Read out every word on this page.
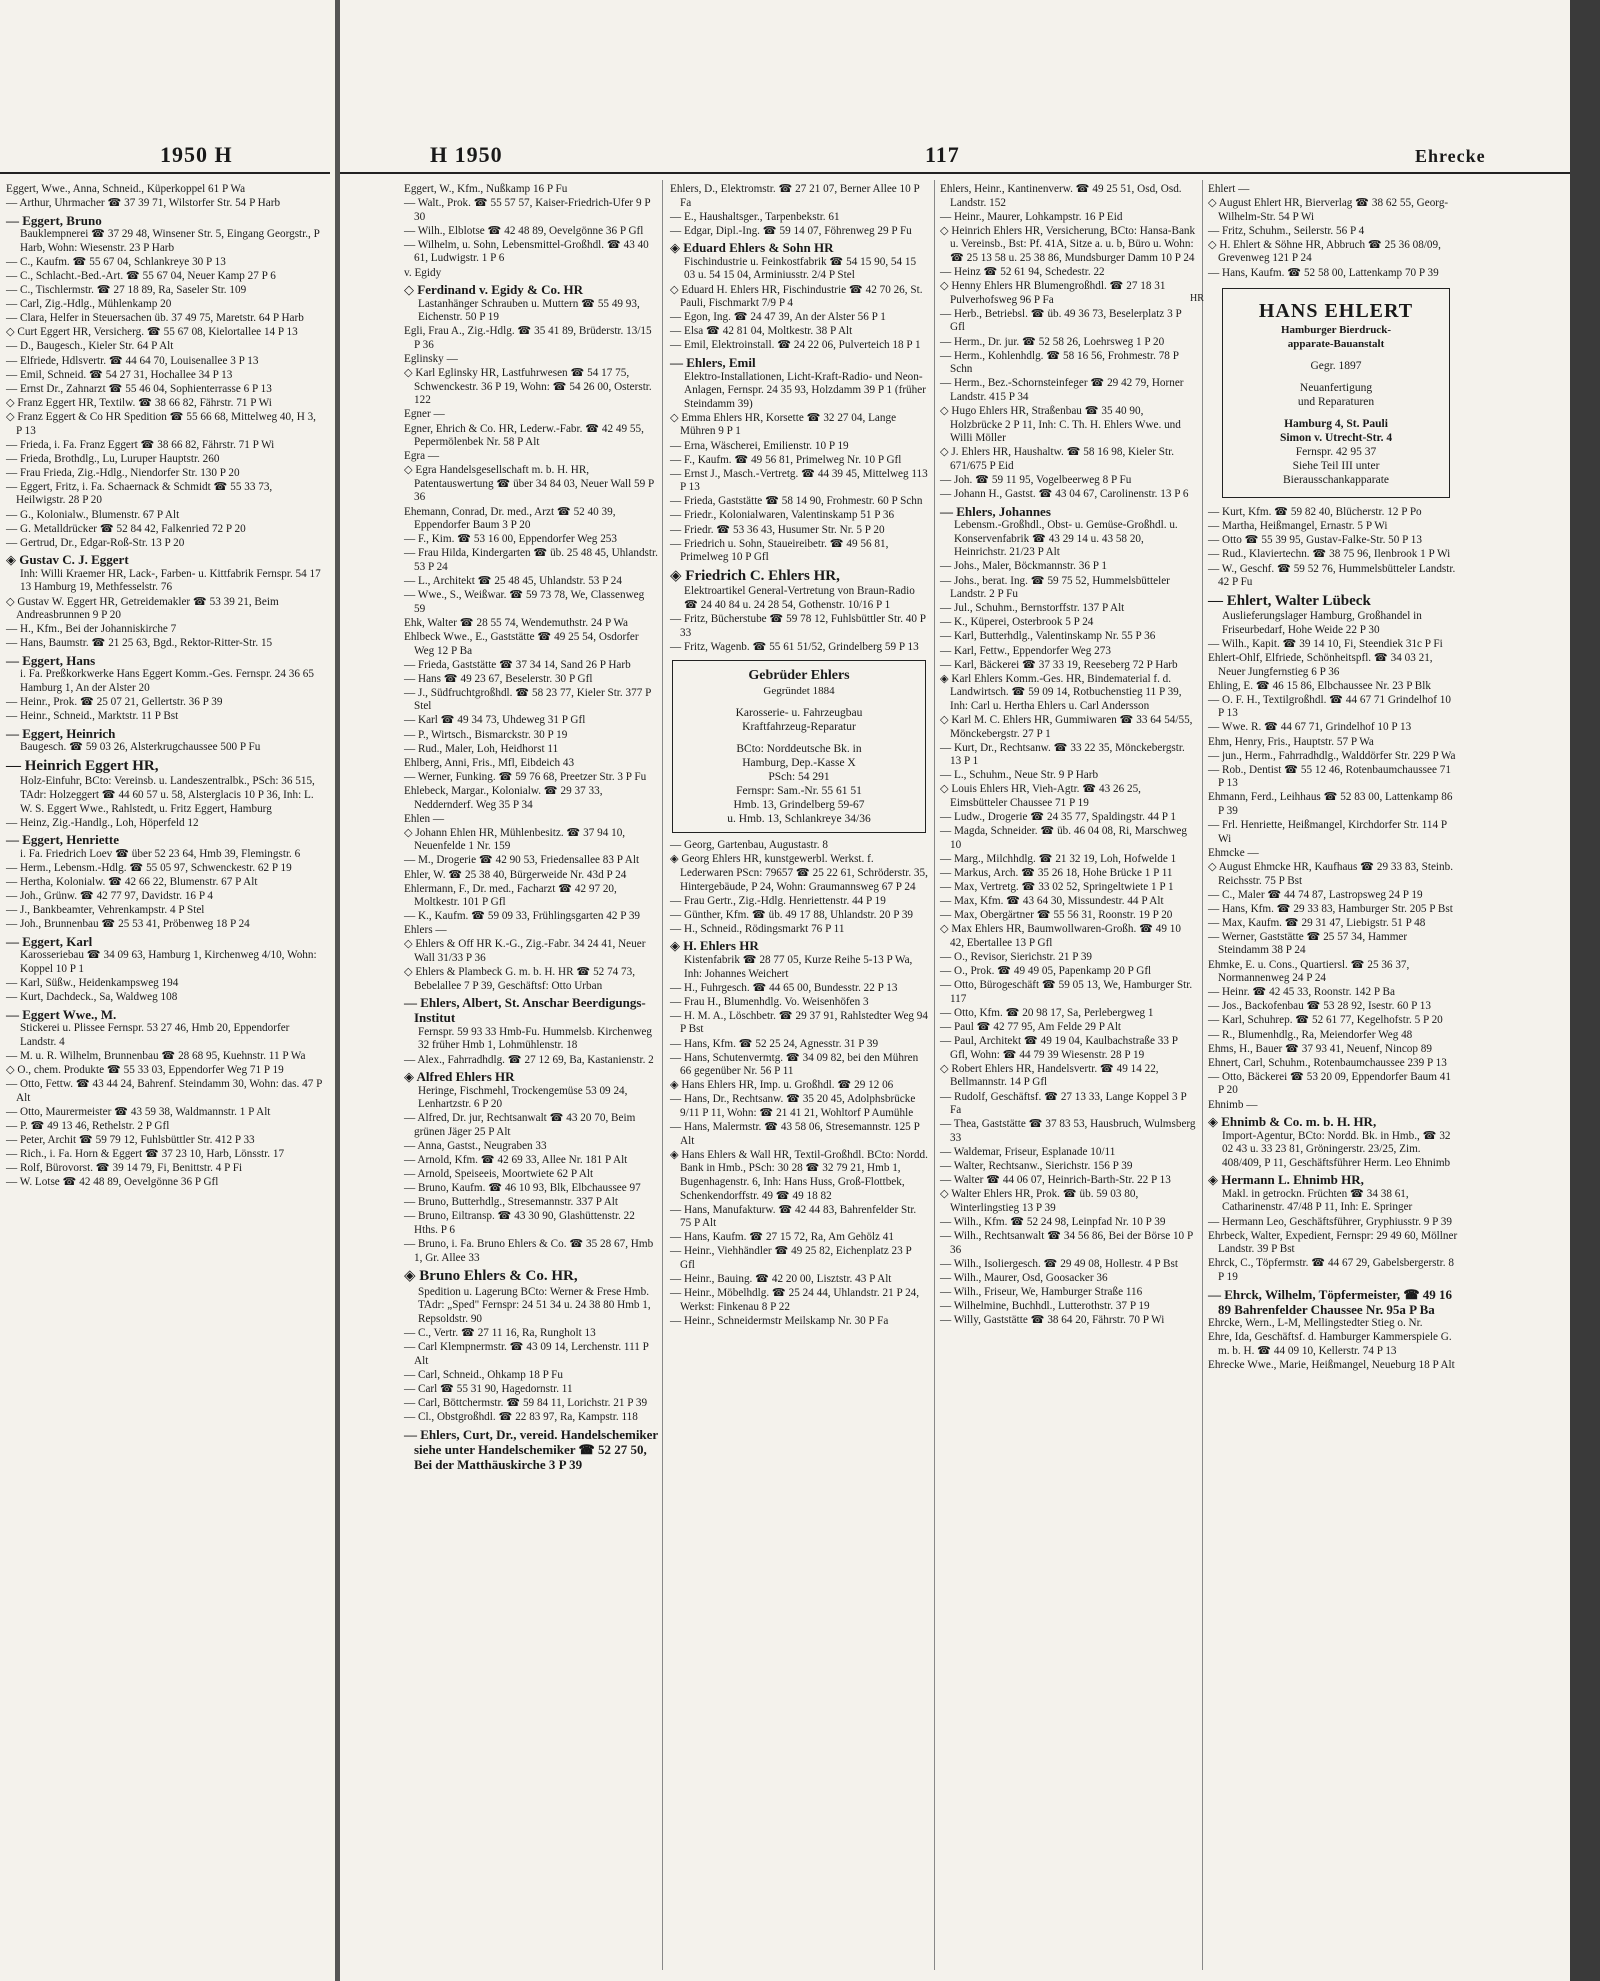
1950 H
Eggert, Wwe., Anna, Schneid., Küperkoppel 61 P Wa
— Arthur, Uhrmacher ☎ 37 39 71, Wilstorfer Str. 54 P Harb
— Eggert, Bruno
Bauklempnerei ☎ 37 29 48, Winsener Str. 5, Eingang Georgstr., P Harb, Wohn: Wiesenstr. 23 P Harb
— C., Kaufm. ☎ 55 67 04, Schlankreye 30 P 13
— C., Schlacht.-Bed.-Art. ☎ 55 67 04, Neuer Kamp 27 P 6
— C., Tischlermstr. ☎ 27 18 89, Ra, Saseler Str. 109
— Carl, Zig.-Hdlg., Mühlenkamp 20
— Clara, Helfer in Steuersachen üb. 37 49 75, Maretstr. 64 P Harb
◇ Curt Eggert HR, Versicherg. ☎ 55 67 08, Kielortallee 14 P 13
— D., Baugesch., Kieler Str. 64 P Alt
— Elfriede, Hdlsvertr. ☎ 44 64 70, Louisenallee 3 P 13
— Emil, Schneid. ☎ 54 27 31, Hochallee 34 P 13
— Ernst Dr., Zahnarzt ☎ 55 46 04, Sophienterrasse 6 P 13
◇ Franz Eggert HR, Textilw. ☎ 38 66 82, Fährstr. 71 P Wi
◇ Franz Eggert & Co HR Spedition ☎ 55 66 68, Mittelweg 40, H 3, P 13
— Frieda, i. Fa. Franz Eggert ☎ 38 66 82, Fährstr. 71 P Wi
— Frieda, Brothdlg., Lu, Luruper Hauptstr. 260
— Frau Frieda, Zig.-Hdlg., Niendorfer Str. 130 P 20
— Eggert, Fritz, i. Fa. Schaernack & Schmidt ☎ 55 33 73, Heilwigstr. 28 P 20
— G., Kolonialw., Blumenstr. 67 P Alt
— G. Metalldrücker ☎ 52 84 42, Falkenried 72 P 20
— Gertrud, Dr., Edgar-Roß-Str. 13 P 20
◈ Gustav C. J. Eggert
Inh: Willi Kraemer HR, Lack-, Farben- u. Kittfabrik Fernspr. 54 17 13 Hamburg 19, Methfesselstr. 76
◇ Gustav W. Eggert HR, Getreidemakler ☎ 53 39 21, Beim Andreasbrunnen 9 P 20
— H., Kfm., Bei der Johanniskirche 7
— Hans, Baumstr. ☎ 21 25 63, Bgd., Rektor-Ritter-Str. 15
— Eggert, Hans
i. Fa. Preßkorkwerke Hans Eggert Komm.-Ges. Fernspr. 24 36 65 Hamburg 1, An der Alster 20
— Heinr., Prok. ☎ 25 07 21, Gellertstr. 36 P 39
— Heinr., Schneid., Marktstr. 11 P Bst
— Eggert, Heinrich
Baugesch. ☎ 59 03 26, Alsterkrugchaussee 500 P Fu
— Heinrich Eggert HR,
Holz-Einfuhr, BCto: Vereinsb. u. Landeszentralbk., PSch: 36 515, TAdr: Holzeggert ☎ 44 60 57 u. 58, Alsterglacis 10 P 36, Inh: L. W. S. Eggert Wwe., Rahlstedt, u. Fritz Eggert, Hamburg
— Heinz, Zig.-Handlg., Loh, Höperfeld 12
— Eggert, Henriette
i. Fa. Friedrich Loev ☎ über 52 23 64, Hmb 39, Flemingstr. 6
— Herm., Lebensm.-Hdlg. ☎ 55 05 97, Schwenckestr. 62 P 19
— Hertha, Kolonialw. ☎ 42 66 22, Blumenstr. 67 P Alt
— Joh., Grünw. ☎ 42 77 97, Davidstr. 16 P 4
— J., Bankbeamter, Vehrenkampstr. 4 P Stel
— Joh., Brunnenbau ☎ 25 53 41, Pröbenweg 18 P 24
— Eggert, Karl
Karosseriebau ☎ 34 09 63, Hamburg 1, Kirchenweg 4/10, Wohn: Koppel 10 P 1
— Karl, Süßw., Heidenkampsweg 194
— Kurt, Dachdeck., Sa, Waldweg 108
— Eggert Wwe., M.
Stickerei u. Plissee Fernspr. 53 27 46, Hmb 20, Eppendorfer Landstr. 4
— M. u. R. Wilhelm, Brunnenbau ☎ 28 68 95, Kuehnstr. 11 P Wa
◇ O., chem. Produkte ☎ 55 33 03, Eppendorfer Weg 71 P 19
— Otto, Fettw. ☎ 43 44 24, Bahrenf. Steindamm 30, Wohn: das. 47 P Alt
— Otto, Maurermeister ☎ 43 59 38, Waldmannstr. 1 P Alt
— P. ☎ 49 13 46, Rethelstr. 2 P Gfl
— Peter, Archit ☎ 59 79 12, Fuhlsbüttler Str. 412 P 33
— Rich., i. Fa. Horn & Eggert ☎ 37 23 10, Harb, Lönsstr. 17
— Rolf, Bürovorst. ☎ 39 14 79, Fi, Benittstr. 4 P Fi
— W. Lotse ☎ 42 48 89, Oevelgönne 36 P Gfl
H 1950	117	Ehrecke
Eggert, W., Kfm., Nußkamp 16 P Fu
— Walt., Prok. ☎ 55 57 57, Kaiser-Friedrich-Ufer 9 P 30
— Wilh., Elblotse ☎ 42 48 89, Oevelgönne 36 P Gfl
— Wilhelm, u. Sohn, Lebensmittel-Großhdl. ☎ 43 40 61, Ludwigstr. 1 P 6
v. Egidy
◇ Ferdinand v. Egidy & Co. HR
Lastanhänger Schrauben u. Muttern ☎ 55 49 93, Eichenstr. 50 P 19
Egli, Frau A., Zig.-Hdlg. ☎ 35 41 89, Brüderstr. 13/15 P 36
Eglinsky —
◇ Karl Eglinsky HR, Lastfuhrwesen ☎ 54 17 75, Schwenckestr. 36 P 19, Wohn: ☎ 54 26 00, Osterstr. 122
Egner —
Egner, Ehrich & Co. HR, Lederw.-Fabr. ☎ 42 49 55, Pepermölenbek Nr. 58 P Alt
Egra —
◇ Egra Handelsgesellschaft m. b. H. HR, Patentauswertung ☎ über 34 84 03, Neuer Wall 59 P 36
Ehemann, Conrad, Dr. med., Arzt ☎ 52 40 39, Eppendorfer Baum 3 P 20
— F., Kim. ☎ 53 16 00, Eppendorfer Weg 253
— Frau Hilda, Kindergarten ☎ üb. 25 48 45, Uhlandstr. 53 P 24
— L., Architekt ☎ 25 48 45, Uhlandstr. 53 P 24
— Wwe., S., Weißwar. ☎ 59 73 78, We, Classenweg 59
Ehk, Walter ☎ 28 55 74, Wendemuthstr. 24 P Wa
Ehlbeck Wwe., E., Gaststätte ☎ 49 25 54, Osdorfer Weg 12 P Ba
— Frieda, Gaststätte ☎ 37 34 14, Sand 26 P Harb
— Hans ☎ 49 23 67, Beselerstr. 30 P Gfl
— J., Südfruchtgroßhdl. ☎ 58 23 77, Kieler Str. 377 P Stel
— Karl ☎ 49 34 73, Uhdeweg 31 P Gfl
— P., Wirtsch., Bismarckstr. 30 P 19
— Rud., Maler, Loh, Heidhorst 11
Ehlberg, Anni, Fris., Mfl, Eibdeich 43
— Werner, Funking. ☎ 59 76 68, Preetzer Str. 3 P Fu
Ehlebeck, Margar., Kolonialw. ☎ 29 37 33, Neddernderf. Weg 35 P 34
Ehlen —
◇ Johann Ehlen HR, Mühlenbesitz. ☎ 37 94 10, Neuenfelde 1 Nr. 159
— M., Drogerie ☎ 42 90 53, Friedensallee 83 P Alt
Ehler, W. ☎ 25 38 40, Bürgerweide Nr. 43d P 24
Ehlermann, F., Dr. med., Facharzt ☎ 42 97 20, Moltkestr. 101 P Gfl
— K., Kaufm. ☎ 59 09 33, Frühlingsgarten 42 P 39
Ehlers —
◇ Ehlers & Off HR K.-G., Zig.-Fabr. 34 24 41, Neuer Wall 31/33 P 36
◇ Ehlers & Plambeck G. m. b. H. HR ☎ 52 74 73, Bebelallee 7 P 39, Geschäftsf: Otto Urban
— Ehlers, Albert, St. Anschar Beerdigungs-Institut
Fernspr. 59 93 33 Hmb-Fu. Hummelsb. Kirchenweg 32 früher Hmb 1, Lohmühlenstr. 18
— Alex., Fahrradhdlg. ☎ 27 12 69, Ba, Kastanienstr. 2
◈ Alfred Ehlers HR
Heringe, Fischmehl, Trockengemüse 53 09 24, Lenhartzstr. 6 P 20
— Alfred, Dr. jur, Rechtsanwalt ☎ 43 20 70, Beim grünen Jäger 25 P Alt
— Anna, Gastst., Neugraben 33
— Arnold, Kfm. ☎ 42 69 33, Allee Nr. 181 P Alt
— Arnold, Speiseeis, Moortwiete 62 P Alt
— Bruno, Kaufm. ☎ 46 10 93, Blk, Elbchaussee 97
— Bruno, Butterhdlg., Stresemannstr. 337 P Alt
— Bruno, Eiltransp. ☎ 43 30 90, Glashüttenstr. 22 Hths. P 6
— Bruno, i. Fa. Bruno Ehlers & Co. ☎ 35 28 67, Hmb 1, Gr. Allee 33
◈ Bruno Ehlers & Co. HR,
Spedition u. Lagerung BCto: Werner & Frese Hmb. TAdr: „Sped" Fernspr: 24 51 34 u. 24 38 80 Hmb 1, Repsoldstr. 90
— C., Vertr. ☎ 27 11 16, Ra, Rungholt 13
— Carl Klempnermstr. ☎ 43 09 14, Lerchenstr. 111 P Alt
— Carl, Schneid., Ohkamp 18 P Fu
— Carl ☎ 55 31 90, Hagedornstr. 11
— Carl, Böttchermstr. ☎ 59 84 11, Lorichstr. 21 P 39
— Cl., Obstgroßhdl. ☎ 22 83 97, Ra, Kampstr. 118
— Ehlers, Curt, Dr., vereid. Handelschemiker siehe unter Handelschemiker ☎ 52 27 50, Bei der Matthäuskirche 3 P 39
Ehlers, D., Elektromstr. ☎ 27 21 07, Berner Allee 10 P Fa
— E., Haushaltsger., Tarpenbekstr. 61
— Edgar, Dipl.-Ing. ☎ 59 14 07, Föhrenweg 29 P Fu
◈ Eduard Ehlers & Sohn HR
Fischindustrie u. Feinkostfabrik ☎ 54 15 90, 54 15 03 u. 54 15 04, Arminiusstr. 2/4 P Stel
◇ Eduard H. Ehlers HR, Fischindustrie ☎ 42 70 26, St. Pauli, Fischmarkt 7/9 P 4
— Egon, Ing. ☎ 24 47 39, An der Alster 56 P 1
— Elsa ☎ 42 81 04, Moltkestr. 38 P Alt
— Emil, Elektroinstall. ☎ 24 22 06, Pulverteich 18 P 1
— Ehlers, Emil
Elektro-Installationen, Licht-Kraft-Radio- und Neon-Anlagen, Fernspr. 24 35 93, Holzdamm 39 P 1 (früher Steindamm 39)
◇ Emma Ehlers HR, Korsette ☎ 32 27 04, Lange Mühren 9 P 1
— Erna, Wäscherei, Emilienstr. 10 P 19
— F., Kaufm. ☎ 49 56 81, Primelweg Nr. 10 P Gfl
— Ernst J., Masch.-Vertretg. ☎ 44 39 45, Mittelweg 113 P 13
— Frieda, Gaststätte ☎ 58 14 90, Frohmestr. 60 P Schn
— Friedr., Kolonialwaren, Valentinskamp 51 P 36
— Friedr. ☎ 53 36 43, Husumer Str. Nr. 5 P 20
— Friedrich u. Sohn, Staueireibetr. ☎ 49 56 81, Primelweg 10 P Gfl
◈ Friedrich C. Ehlers HR,
Elektroartikel General-Vertretung von Braun-Radio ☎ 24 40 84 u. 24 28 54, Gothenstr. 10/16 P 1
— Fritz, Bücherstube ☎ 59 78 12, Fuhlsbüttler Str. 40 P 33
— Fritz, Wagenb. ☎ 55 61 51/52, Grindelberg 59 P 13
Gebrüder Ehlers
Gegründet 1884
Karosserie- u. Fahrzeugbau
Kraftfahrzeug-Reparatur
BCto: Norddeutsche Bk. in
Hamburg, Dep.-Kasse X
PSch: 54 291
Fernspr: Sam.-Nr. 55 61 51
Hmb. 13, Grindelberg 59-67
u. Hmb. 13, Schlankreye 34/36
— Georg, Gartenbau, Augustastr. 8
◈ Georg Ehlers HR, kunstgewerbl. Werkst. f. Lederwaren PScn: 79657 ☎ 25 22 61, Schröderstr. 35, Hintergebäude, P 24, Wohn: Graumannsweg 67 P 24
— Frau Gertr., Zig.-Hdlg. Henriettenstr. 44 P 19
— Günther, Kfm. ☎ üb. 49 17 88, Uhlandstr. 20 P 39
— H., Schneid., Rödingsmarkt 76 P 11
◈ H. Ehlers HR
Kistenfabrik ☎ 28 77 05, Kurze Reihe 5-13 P Wa, Inh: Johannes Weichert
— H., Fuhrgesch. ☎ 44 65 00, Bundesstr. 22 P 13
— Frau H., Blumenhdlg. Vo. Weisenhöfen 3
— H. M. A., Löschbetr. ☎ 29 37 91, Rahlstedter Weg 94 P Bst
— Hans, Kfm. ☎ 52 25 24, Agnesstr. 31 P 39
— Hans, Schutenvermtg. ☎ 34 09 82, bei den Mühren 66 gegenüber Nr. 56 P 11
◈ Hans Ehlers HR, Imp. u. Großhdl. ☎ 29 12 06
— Hans, Dr., Rechtsanw. ☎ 35 20 45, Adolphsbrücke 9/11 P 11, Wohn: ☎ 21 41 21, Wohltorf P Aumühle
— Hans, Malermstr. ☎ 43 58 06, Stresemannstr. 125 P Alt
◈ Hans Ehlers & Wall HR, Textil-Großhdl. BCto: Nordd. Bank in Hmb., PSch: 30 28 ☎ 32 79 21, Hmb 1, Bugenhagenstr. 6, Inh: Hans Huss, Groß-Flottbek, Schenkendorffstr. 49 ☎ 49 18 82
— Hans, Manufakturw. ☎ 42 44 83, Bahrenfelder Str. 75 P Alt
— Hans, Kaufm. ☎ 27 15 72, Ra, Am Gehölz 41
— Heinr., Viehhändler ☎ 49 25 82, Eichenplatz 23 P Gfl
— Heinr., Bauing. ☎ 42 20 00, Lisztstr. 43 P Alt
— Heinr., Möbelhdlg. ☎ 25 24 44, Uhlandstr. 21 P 24, Werkst: Finkenau 8 P 22
— Heinr., Schneidermstr Meilskamp Nr. 30 P Fa
Ehlers, Heinr., Kantinenverw. ☎ 49 25 51, Osd, Osd. Landstr. 152
— Heinr., Maurer, Lohkampstr. 16 P Eid
◇ Heinrich Ehlers HR, Versicherung, BCto: Hansa-Bank u. Vereinsb., Bst: Pf. 41A, Sitze a. u. b, Büro u. Wohn: ☎ 25 13 58 u. 25 38 86, Mundsburger Damm 10 P 24
— Heinz ☎ 52 61 94, Schedestr. 22
◇ Henny Ehlers HR Blumengroßhdl. ☎ 27 18 31 Pulverhofsweg 96 P Fa
— Herb., Betriebsl. ☎ üb. 49 36 73, Beselerplatz 3 P Gfl
— Herm., Dr. jur. ☎ 52 58 26, Loehrsweg 1 P 20
— Herm., Kohlenhdlg. ☎ 58 16 56, Frohmestr. 78 P Schn
— Herm., Bez.-Schornsteinfeger ☎ 29 42 79, Horner Landstr. 415 P 34
◇ Hugo Ehlers HR, Straßenbau ☎ 35 40 90, Holzbrücke 2 P 11, Inh: C. Th. H. Ehlers Wwe. und Willi Möller
◇ J. Ehlers HR, Haushaltw. ☎ 58 16 98, Kieler Str. 671/675 P Eid
— Joh. ☎ 59 11 95, Vogelbeerweg 8 P Fu
— Johann H., Gastst. ☎ 43 04 67, Carolinenstr. 13 P 6
— Ehlers, Johannes
Lebensm.-Großhdl., Obst- u. Gemüse-Großhdl. u. Konservenfabrik ☎ 43 29 14 u. 43 58 20, Heinrichstr. 21/23 P Alt
— Johs., Maler, Böckmannstr. 36 P 1
— Johs., berat. Ing. ☎ 59 75 52, Hummelsbütteler Landstr. 2 P Fu
— Jul., Schuhm., Bernstorffstr. 137 P Alt
— K., Küperei, Osterbrook 5 P 24
— Karl, Butterhdlg., Valentinskamp Nr. 55 P 36
— Karl, Fettw., Eppendorfer Weg 273
— Karl, Bäckerei ☎ 37 33 19, Reeseberg 72 P Harb
◈ Karl Ehlers Komm.-Ges. HR, Bindematerial f. d. Landwirtsch. ☎ 59 09 14, Rotbuchenstieg 11 P 39, Inh: Carl u. Hertha Ehlers u. Carl Andersson
◇ Karl M. C. Ehlers HR, Gummiwaren ☎ 33 64 54/55, Mönckebergstr. 27 P 1
— Kurt, Dr., Rechtsanw. ☎ 33 22 35, Mönckebergstr. 13 P 1
— L., Schuhm., Neue Str. 9 P Harb
◇ Louis Ehlers HR, Vieh-Agtr. ☎ 43 26 25, Eimsbütteler Chaussee 71 P 19
— Ludw., Drogerie ☎ 24 35 77, Spaldingstr. 44 P 1
— Magda, Schneider. ☎ üb. 46 04 08, Ri, Marschweg 10
— Marg., Milchhdlg. ☎ 21 32 19, Loh, Hofwelde 1
— Markus, Arch. ☎ 35 26 18, Hohe Brücke 1 P 11
— Max, Vertretg. ☎ 33 02 52, Springeltwiete 1 P 1
— Max, Kfm. ☎ 43 64 30, Missundestr. 44 P Alt
— Max, Obergärtner ☎ 55 56 31, Roonstr. 19 P 20
◇ Max Ehlers HR, Baumwollwaren-Großh. ☎ 49 10 42, Ebertallee 13 P Gfl
— O., Revisor, Sierichstr. 21 P 39
— O., Prok. ☎ 49 49 05, Papenkamp 20 P Gfl
— Otto, Bürogeschäft ☎ 59 05 13, We, Hamburger Str. 117
— Otto, Kfm. ☎ 20 98 17, Sa, Perlebergweg 1
— Paul ☎ 42 77 95, Am Felde 29 P Alt
— Paul, Architekt ☎ 49 19 04, Kaulbachstraße 33 P Gfl, Wohn: ☎ 44 79 39 Wiesenstr. 28 P 19
◇ Robert Ehlers HR, Handelsvertr. ☎ 49 14 22, Bellmannstr. 14 P Gfl
— Rudolf, Geschäftsf. ☎ 27 13 33, Lange Koppel 3 P Fa
— Thea, Gaststätte ☎ 37 83 53, Hausbruch, Wulmsberg 33
— Waldemar, Friseur, Esplanade 10/11
— Walter, Rechtsanw., Sierichstr. 156 P 39
— Walter ☎ 44 06 07, Heinrich-Barth-Str. 22 P 13
◇ Walter Ehlers HR, Prok. ☎ üb. 59 03 80, Winterlingstieg 13 P 39
— Wilh., Kfm. ☎ 52 24 98, Leinpfad Nr. 10 P 39
— Wilh., Rechtsanwalt ☎ 34 56 86, Bei der Börse 10 P 36
— Wilh., Isoliergesch. ☎ 29 49 08, Hollestr. 4 P Bst
— Wilh., Maurer, Osd, Goosacker 36
— Wilh., Friseur, We, Hamburger Straße 116
— Wilhelmine, Buchhdl., Lutterothstr. 37 P 19
— Willy, Gaststätte ☎ 38 64 20, Fährstr. 70 P Wi
Ehlert —
◇ August Ehlert HR, Bierverlag ☎ 38 62 55, Georg-Wilhelm-Str. 54 P Wi
— Fritz, Schuhm., Seilerstr. 56 P 4
◇ H. Ehlert & Söhne HR, Abbruch ☎ 25 36 08/09, Grevenweg 121 P 24
— Hans, Kaufm. ☎ 52 58 00, Lattenkamp 70 P 39
HR
HANS EHLERT
Hamburger Bierdruck-
apparate-Bauanstalt
Gegr. 1897
Neuanfertigung
und Reparaturen
Hamburg 4, St. Pauli
Simon v. Utrecht-Str. 4
Fernspr. 42 95 37
Siehe Teil III unter
Bierausschankapparate
— Kurt, Kfm. ☎ 59 82 40, Blücherstr. 12 P Po
— Martha, Heißmangel, Ernastr. 5 P Wi
— Otto ☎ 55 39 95, Gustav-Falke-Str. 50 P 13
— Rud., Klaviertechn. ☎ 38 75 96, Ilenbrook 1 P Wi
— W., Geschf. ☎ 59 52 76, Hummelsbütteler Landstr. 42 P Fu
— Ehlert, Walter Lübeck
Auslieferungslager Hamburg, Großhandel in Friseurbedarf, Hohe Weide 22 P 30
— Wilh., Kapit. ☎ 39 14 10, Fi, Steendiek 31c P Fi
Ehlert-Ohlf, Elfriede, Schönheitspfl. ☎ 34 03 21, Neuer Jungfernstieg 6 P 36
Ehling, E. ☎ 46 15 86, Elbchaussee Nr. 23 P Blk
— O. F. H., Textilgroßhdl. ☎ 44 67 71 Grindelhof 10 P 13
— Wwe. R. ☎ 44 67 71, Grindelhof 10 P 13
Ehm, Henry, Fris., Hauptstr. 57 P Wa
— jun., Herm., Fahrradhdlg., Walddörfer Str. 229 P Wa
— Rob., Dentist ☎ 55 12 46, Rotenbaumchaussee 71 P 13
Ehmann, Ferd., Leihhaus ☎ 52 83 00, Lattenkamp 86 P 39
— Frl. Henriette, Heißmangel, Kirchdorfer Str. 114 P Wi
Ehmcke —
◇ August Ehmcke HR, Kaufhaus ☎ 29 33 83, Steinb. Reichsstr. 75 P Bst
— C., Maler ☎ 44 74 87, Lastropsweg 24 P 19
— Hans, Kfm. ☎ 29 33 83, Hamburger Str. 205 P Bst
— Max, Kaufm. ☎ 29 31 47, Liebigstr. 51 P 48
— Werner, Gaststätte ☎ 25 57 34, Hammer Steindamm 38 P 24
Ehmke, E. u. Cons., Quartiersl. ☎ 25 36 37, Normannenweg 24 P 24
— Heinr. ☎ 42 45 33, Roonstr. 142 P Ba
— Jos., Backofenbau ☎ 53 28 92, Isestr. 60 P 13
— Karl, Schuhrep. ☎ 52 61 77, Kegelhofstr. 5 P 20
— R., Blumenhdlg., Ra, Meiendorfer Weg 48
Ehms, H., Bauer ☎ 37 93 41, Neuenf, Nincop 89
Ehnert, Carl, Schuhm., Rotenbaumchaussee 239 P 13
— Otto, Bäckerei ☎ 53 20 09, Eppendorfer Baum 41 P 20
Ehnimb —
◈ Ehnimb & Co. m. b. H. HR,
Import-Agentur, BCto: Nordd. Bk. in Hmb., ☎ 32 02 43 u. 33 23 81, Gröningerstr. 23/25, Zim. 408/409, P 11, Geschäftsführer Herm. Leo Ehnimb
◈ Hermann L. Ehnimb HR,
Makl. in getrockn. Früchten ☎ 34 38 61, Catharinenstr. 47/48 P 11, Inh: E. Springer
— Hermann Leo, Geschäftsführer, Gryphiusstr. 9 P 39
Ehrbeck, Walter, Expedient, Fernspr: 29 49 60, Möllner Landstr. 39 P Bst
Ehrck, C., Töpfermstr. ☎ 44 67 29, Gabelsbergerstr. 8 P 19
— Ehrck, Wilhelm, Töpfermeister, ☎ 49 16 89 Bahrenfelder Chaussee Nr. 95a P Ba
Ehrcke, Wern., L-M, Mellingstedter Stieg o. Nr.
Ehre, Ida, Geschäftsf. d. Hamburger Kammerspiele G. m. b. H. ☎ 44 09 10, Kellerstr. 74 P 13
Ehrecke Wwe., Marie, Heißmangel, Neueburg 18 P Alt
